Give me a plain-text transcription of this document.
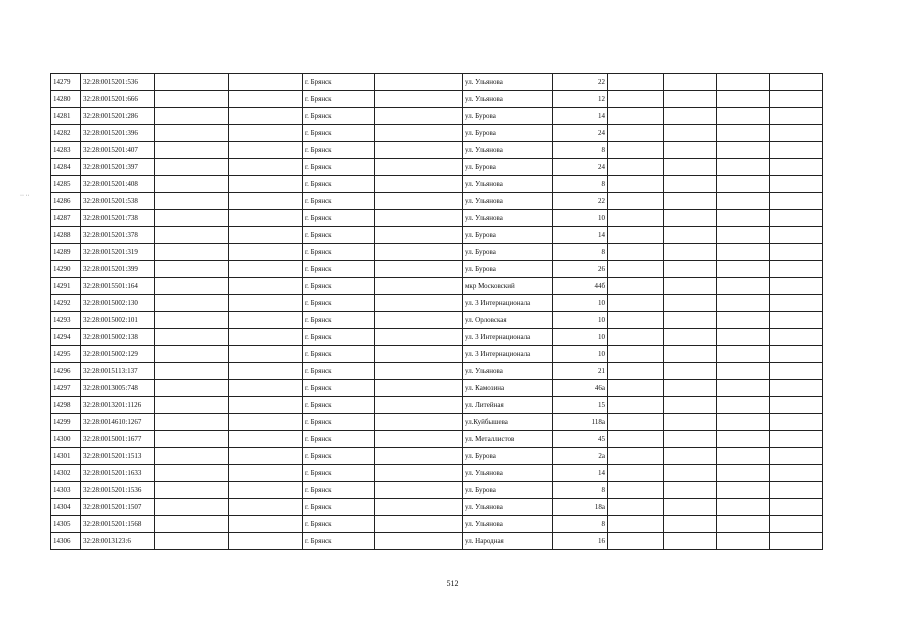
14279	32:28:0015201:536			г. Брянск		ул. Ульянова	22				
14280	32:28:0015201:666			г. Брянск		ул. Ульянова	12				
14281	32:28:0015201:286			г. Брянск		ул. Бурова	14				
14282	32:28:0015201:396			г. Брянск		ул. Бурова	24				
14283	32:28:0015201:407			г. Брянск		ул. Ульянова	8				
14284	32:28:0015201:397			г. Брянск		ул. Бурова	24				
14285	32:28:0015201:408			г. Брянск		ул. Ульянова	8				
14286	32:28:0015201:538			г. Брянск		ул. Ульянова	22				
14287	32:28:0015201:738			г. Брянск		ул. Ульянова	10				
14288	32:28:0015201:378			г. Брянск		ул. Бурова	14				
14289	32:28:0015201:319			г. Брянск		ул. Бурова	8				
14290	32:28:0015201:399			г. Брянск		ул. Бурова	26				
14291	32:28:0015501:164			г. Брянск		мкр Московский	44б				
14292	32:28:0015002:130			г. Брянск		ул. 3 Интернационала	10				
14293	32:28:0015002:101			г. Брянск		ул. Орловская	10				
14294	32:28:0015002:138			г. Брянск		ул. 3 Интернационала	10				
14295	32:28:0015002:129			г. Брянск		ул. 3 Интернационала	10				
14296	32:28:0015113:137			г. Брянск		ул. Ульянова	21				
14297	32:28:0013005:748			г. Брянск		ул. Камозина	46а				
14298	32:28:0013201:1126			г. Брянск		ул. Литейная	15				
14299	32:28:0014610:1267			г. Брянск		ул.Куйбышева	118а				
14300	32:28:0015001:1677			г. Брянск		ул. Металлистов	45				
14301	32:28:0015201:1513			г. Брянск		ул. Бурова	2а				
14302	32:28:0015201:1633			г. Брянск		ул. Ульянова	14				
14303	32:28:0015201:1536			г. Брянск		ул. Бурова	8				
14304	32:28:0015201:1507			г. Брянск		ул. Ульянова	18а				
14305	32:28:0015201:1568			г. Брянск		ул. Ульянова	8				
14306	32:28:0013123:6			г. Брянск		ул. Народная	16				
·· ··
512
